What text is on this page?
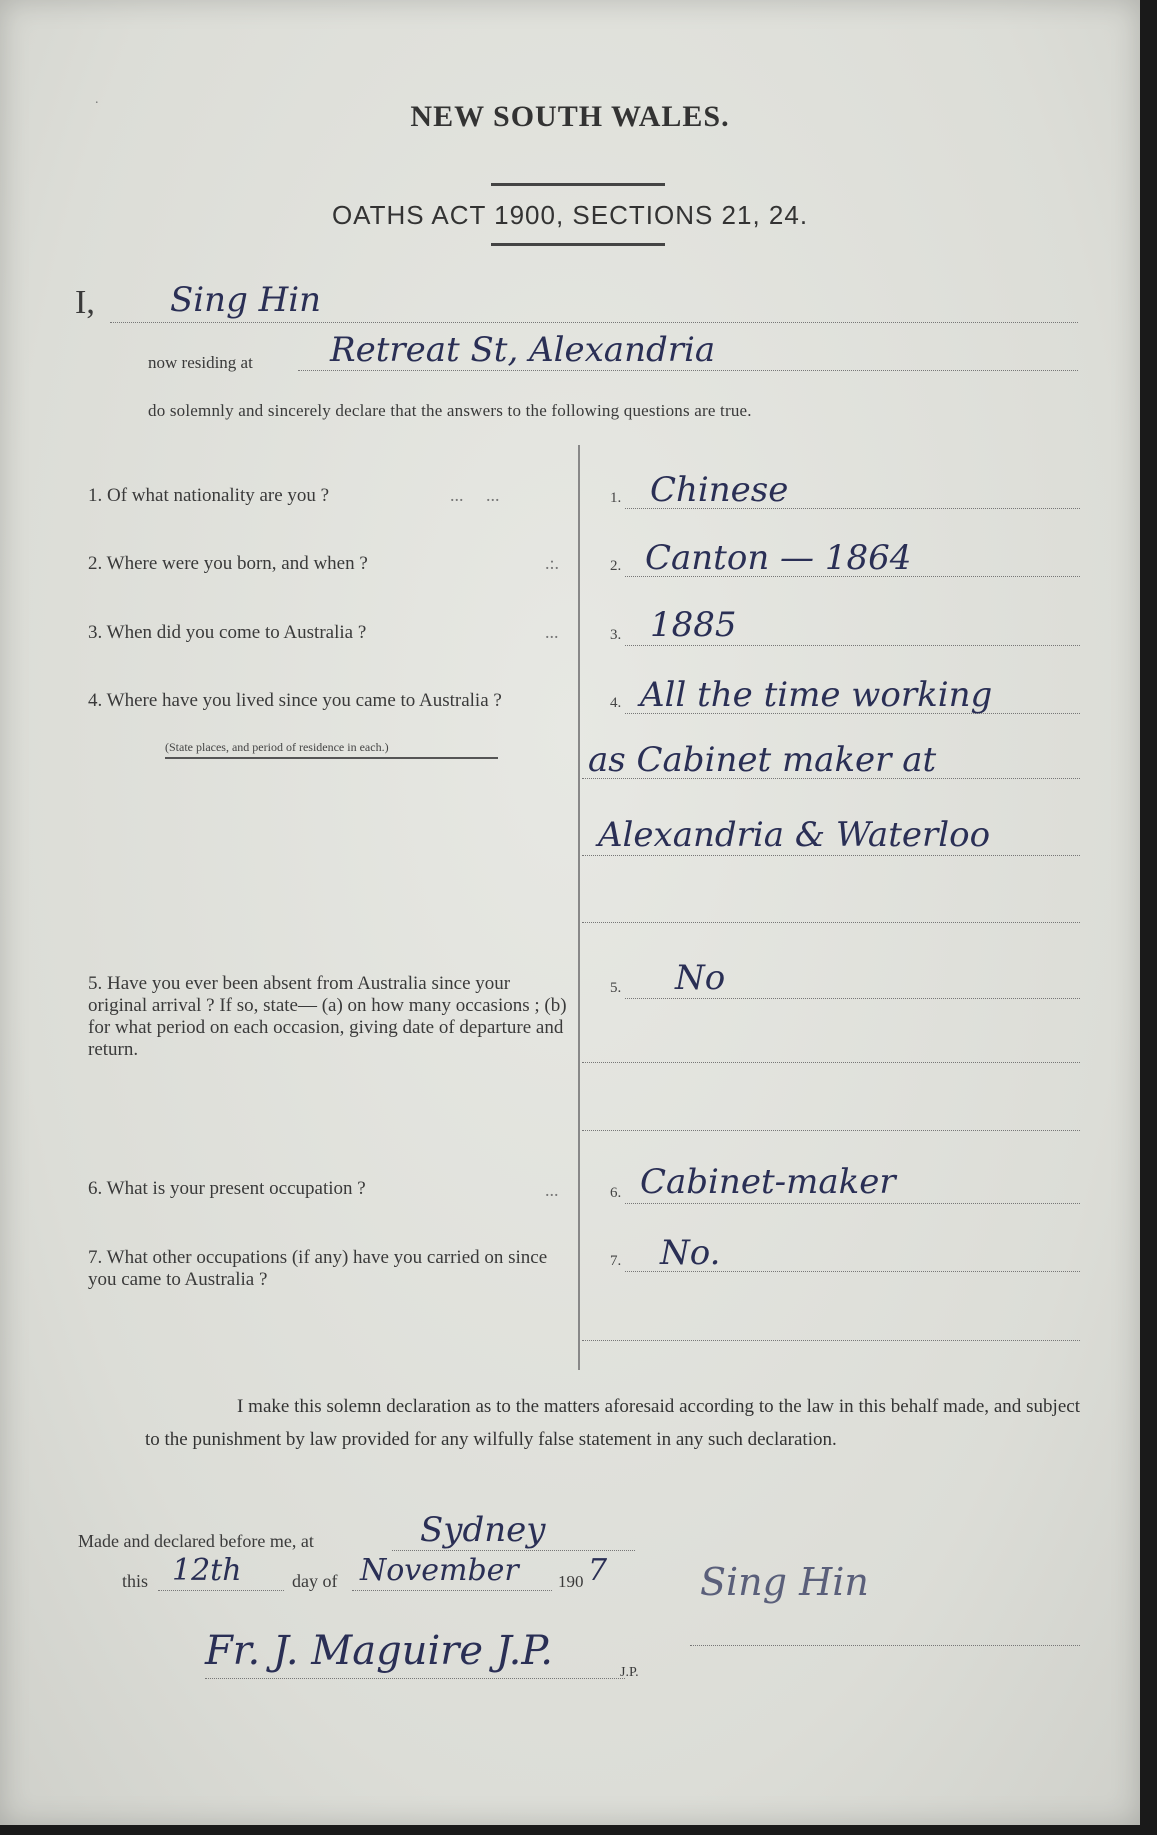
NEW SOUTH WALES.
OATHS ACT 1900, SECTIONS 21, 24.
I, Sing Hin
now residing at Retreat St, Alexandria
do solemnly and sincerely declare that the answers to the following questions are true.
1. Of what nationality are you ?	...     ...	1. Chinese
2. Where were you born, and when ?	.:.	2. Canton — 1864
3. When did you come to Australia ?	...	3. 1885
4. Where have you lived since you came to Australia ?
(State places, and period of residence in each.)
4. All the time working
as Cabinet maker at
Alexandria & Waterloo
5. Have you ever been absent from Australia since your original arrival ? If so, state— (a) on how many occasions ; (b) for what period on each occasion, giving date of departure and return.
5. No
6. What is your present occupation ?	...	6. Cabinet-maker
7. What other occupations (if any) have you carried on since you came to Australia ?
7. No.
I make this solemn declaration as to the matters aforesaid according to the law in this behalf made, and subject to the punishment by law provided for any wilfully false statement in any such declaration.
Made and declared before me, at	Sydney
this 12th	day of November 190 7
Fr. J. Maguire J.P.	J.P.
Sing Hin
.
